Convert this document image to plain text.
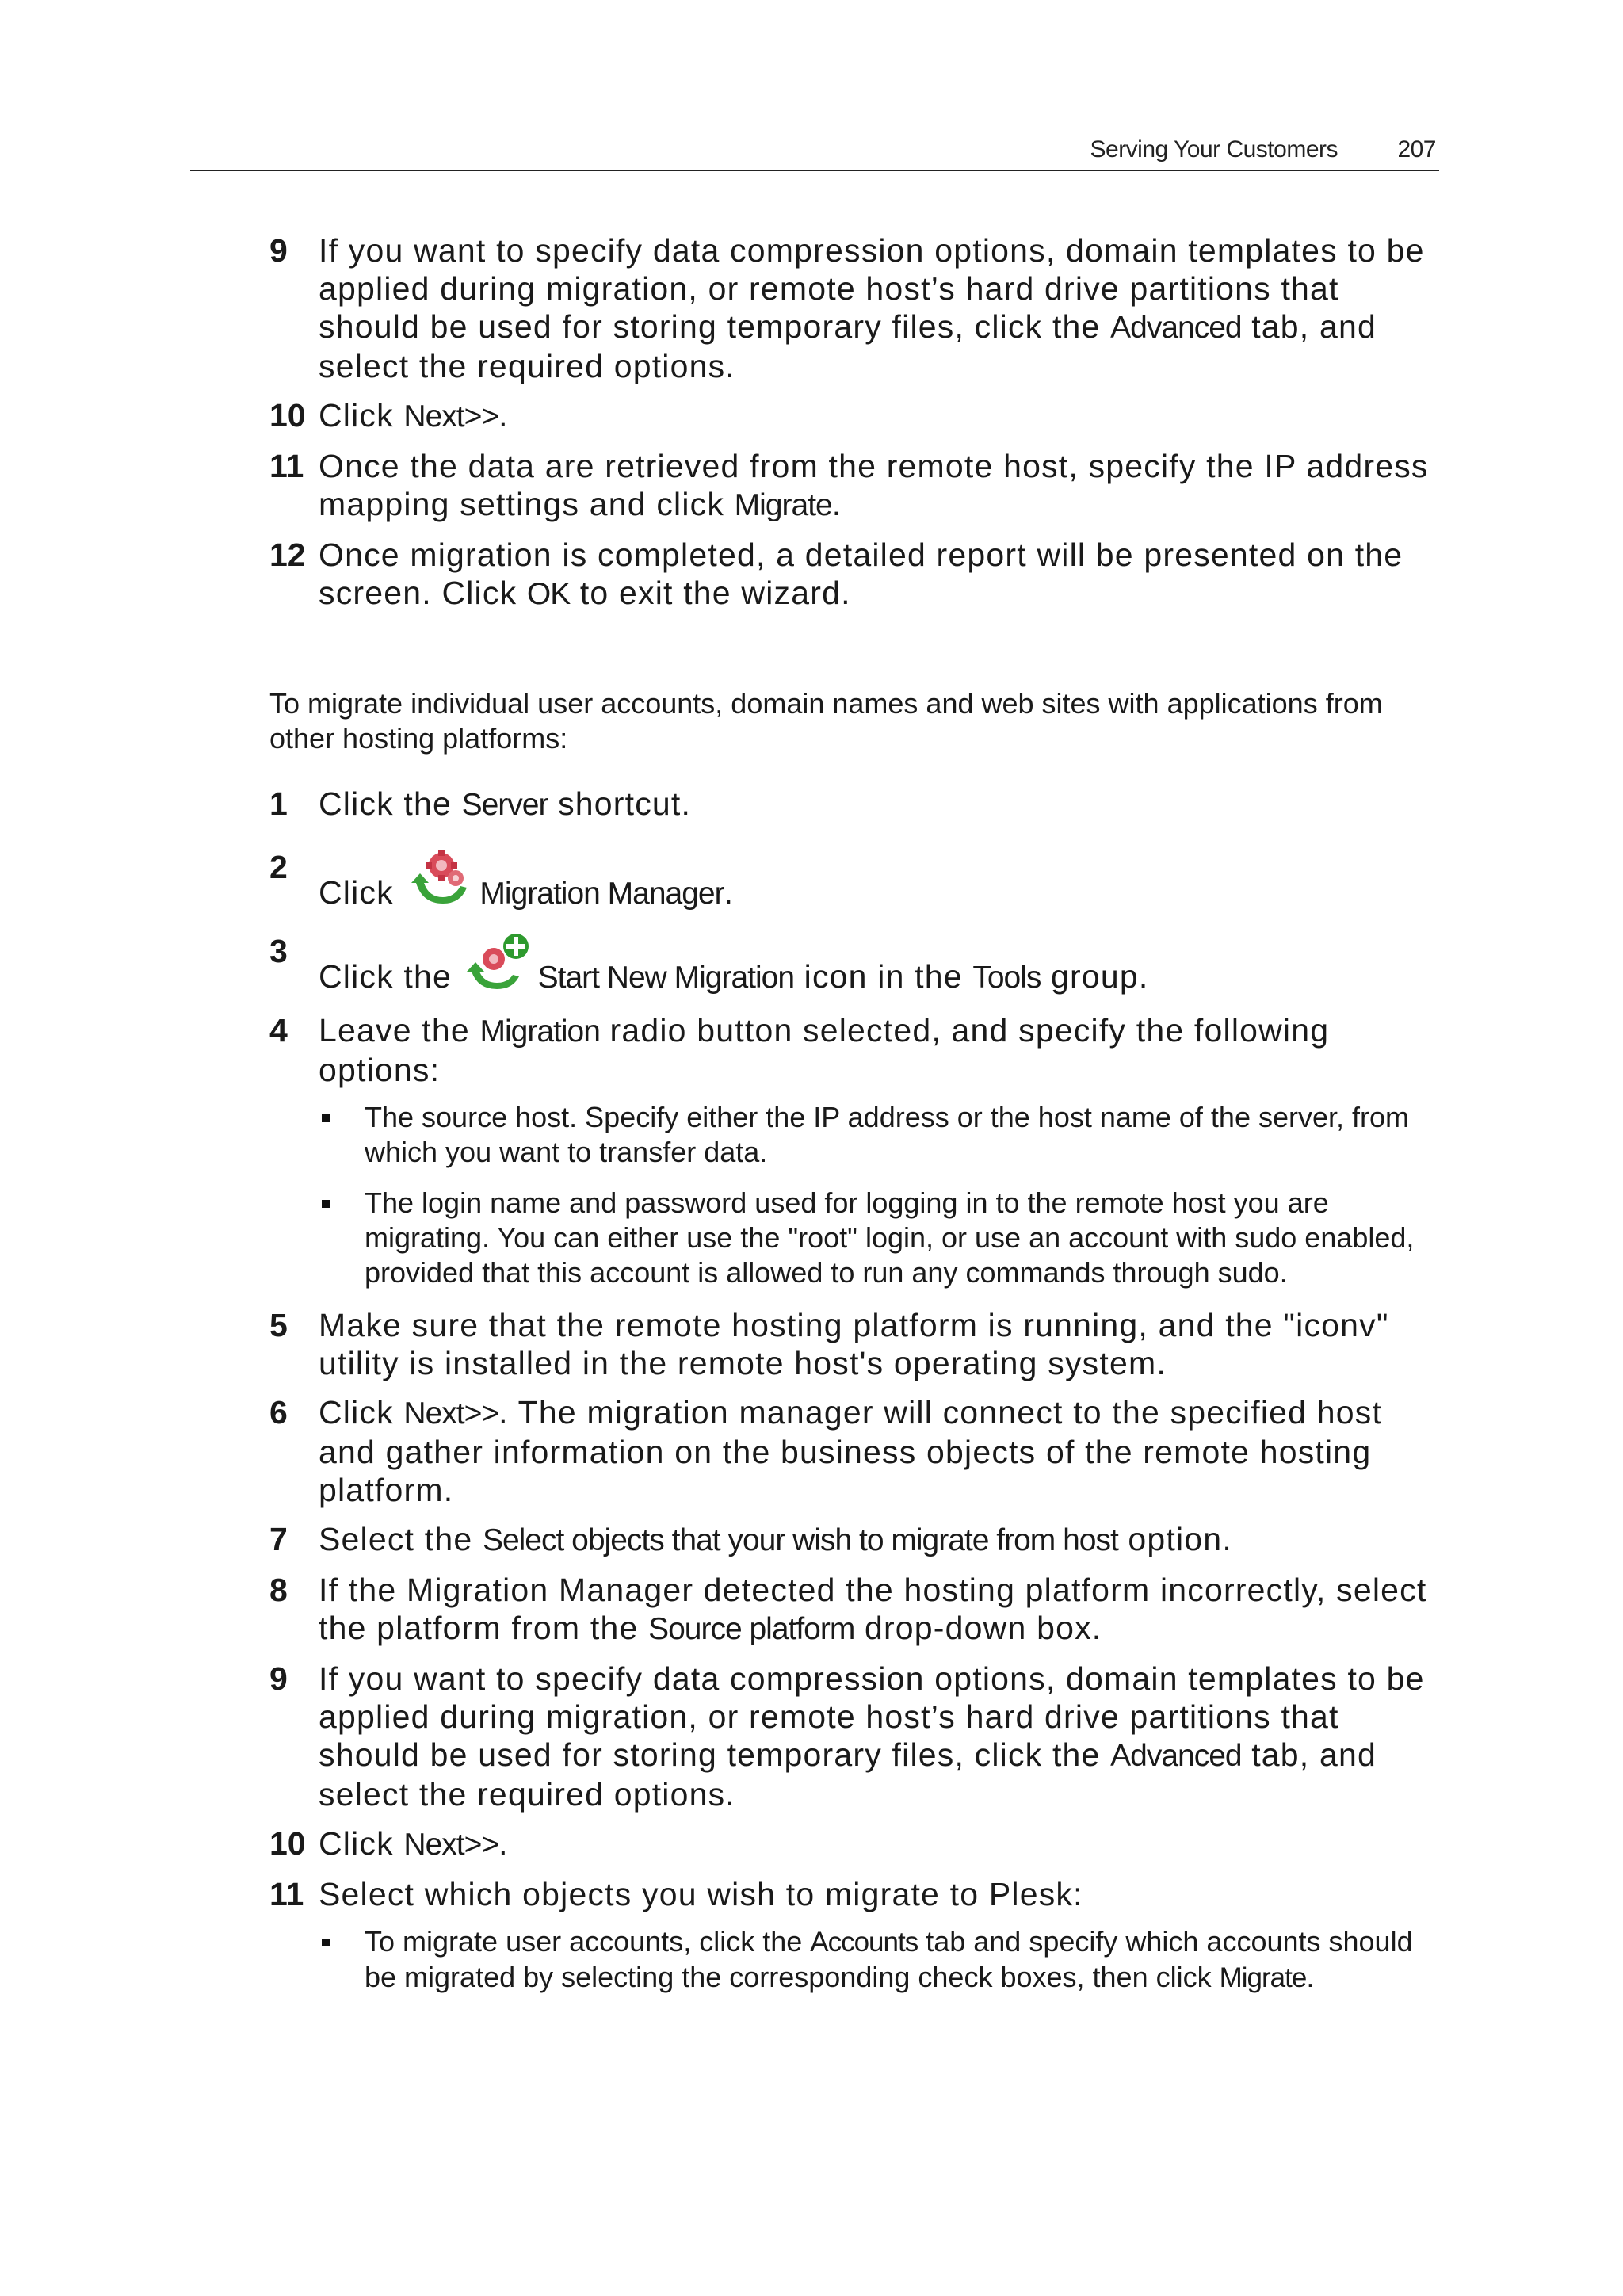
Serving Your Customers	207
9 If you want to specify data compression options, domain templates to be applied during migration, or remote host’s hard drive partitions that should be used for storing temporary files, click the Advanced tab, and select the required options.
10 Click Next>>.
11 Once the data are retrieved from the remote host, specify the IP address mapping settings and click Migrate.
12 Once migration is completed, a detailed report will be presented on the screen. Click OK to exit the wizard.
To migrate individual user accounts, domain names and web sites with applications from other hosting platforms:
1 Click the Server shortcut.
2
Click Migration Manager.
3
Click the Start New Migration icon in the Tools group.
4 Leave the Migration radio button selected, and specify the following options:
The source host. Specify either the IP address or the host name of the server, from which you want to transfer data.
The login name and password used for logging in to the remote host you are migrating. You can either use the "root" login, or use an account with sudo enabled, provided that this account is allowed to run any commands through sudo.
5 Make sure that the remote hosting platform is running, and the "iconv" utility is installed in the remote host's operating system.
6 Click Next>>. The migration manager will connect to the specified host and gather information on the business objects of the remote hosting platform.
7 Select the Select objects that your wish to migrate from host option.
8 If the Migration Manager detected the hosting platform incorrectly, select the platform from the Source platform drop-down box.
9 If you want to specify data compression options, domain templates to be applied during migration, or remote host’s hard drive partitions that should be used for storing temporary files, click the Advanced tab, and select the required options.
10 Click Next>>.
11 Select which objects you wish to migrate to Plesk:
To migrate user accounts, click the Accounts tab and specify which accounts should be migrated by selecting the corresponding check boxes, then click Migrate.
